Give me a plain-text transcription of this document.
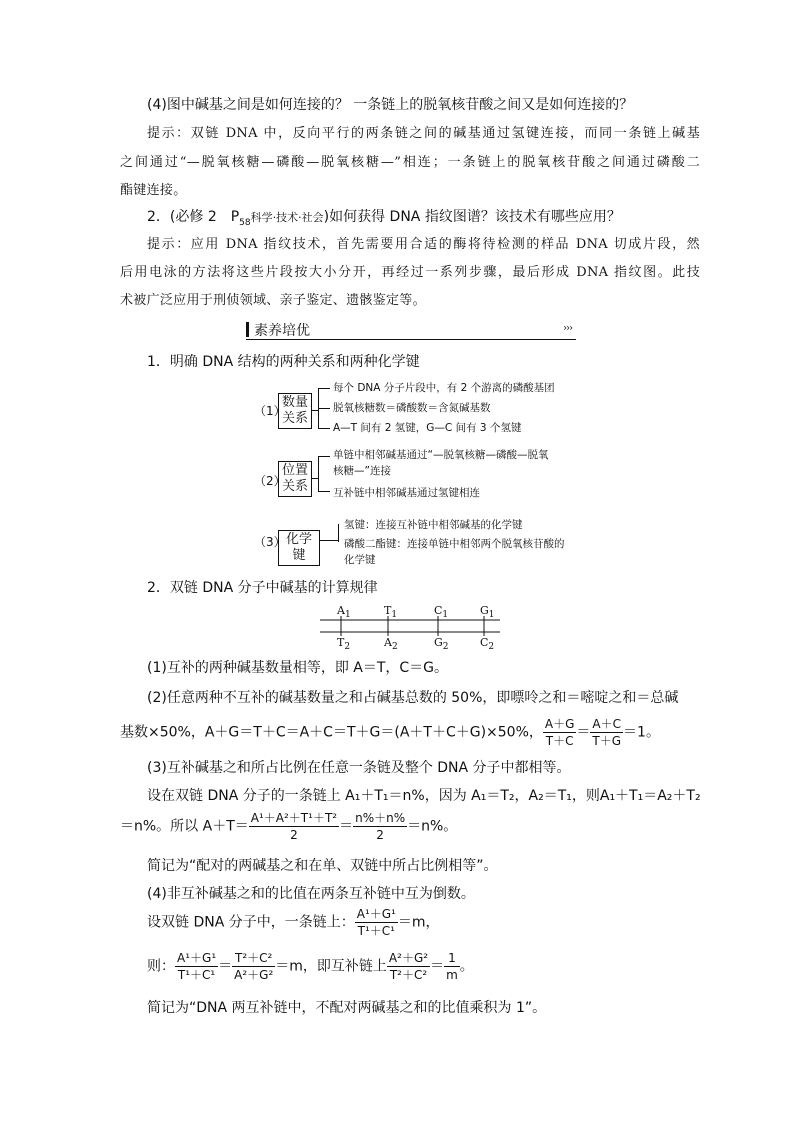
(4)图中碱基之间是如何连接的？ 一条链上的脱氧核苷酸之间又是如何连接的？
提示：双链 DNA 中，反向平行的两条链之间的碱基通过氢键连接，而同一条链上碱基
之间通过“—脱氧核糖—磷酸—脱氧核糖—”相连；一条链上的脱氧核苷酸之间通过磷酸二
酯键连接。
2．(必修 2　$P_{58}$科学·技术·社会)如何获得 DNA 指纹图谱？该技术有哪些应用？
提示：应用 DNA 指纹技术，首先需要用合适的酶将待检测的样品 DNA 切成片段，然
后用电泳的方法将这些片段按大小分开，再经过一系列步骤，最后形成 DNA 指纹图。此技
术被广泛应用于刑侦领域、亲子鉴定、遗骸鉴定等。
素养培优	›››
1．明确 DNA 结构的两种关系和两种化学键
（1）
数量
关系
每个 DNA 分子片段中，有 2 个游离的磷酸基团
脱氧核糖数＝磷酸数＝含氮碱基数
A—T 间有 2 氢键，G—C 间有 3 个氢键
（2）
位置
关系
单链中相邻碱基通过“—脱氧核糖—磷酸—脱氧
核糖—”连接
互补链中相邻碱基通过氢键相连
（3） 化学键
氢键：连接互补链中相邻碱基的化学键
磷酸二酯键：连接单链中相邻两个脱氧核苷酸的
化学键
2．双链 DNA 分子中碱基的计算规律
$A_1$	$T_1$	$C_1$	$G_1$
$T_2$	$A_2$	$G_2$	$C_2$
(1)互补的两种碱基数量相等，即 A＝T，C＝G。
(2)任意两种不互补的碱基数量之和占碱基总数的 50%，即嘌呤之和＝嘧啶之和＝总碱
基数×50%，A＋G＝T＋C＝A＋C＝T＋G＝(A＋T＋C＋G)×50%， $\frac{A+G}{T+C} = \frac{A+C}{T+G} =1$。
(3)互补碱基之和所占比例在任意一条链及整个 DNA 分子中都相等。
设在双链 DNA 分子的一条链上 A₁＋T₁＝n%，因为 A₁＝T₂，A₂＝T₁，则A₁＋T₁＝A₂＋T₂
＝n%。所以 $A+T= \frac{\text{A¹＋A²＋T¹＋T²}}{2} = \frac{n\%+n\%}{2} =n\%$。
简记为“配对的两碱基之和在单、双链中所占比例相等”。
(4)非互补碱基之和的比值在两条互补链中互为倒数。
设双链 DNA 分子中，一条链上： $\frac{\text{A¹＋G¹}}{\text{T¹＋C¹}} =m$，
则： $\frac{\text{A¹＋G¹}}{\text{T¹＋C¹}} = \frac{\text{T²＋C²}}{\text{A²＋G²}} =m$，即互补链上 $\frac{\text{A²＋G²}}{\text{T²＋C²}} = \frac{1}{m}$ 。
简记为“DNA 两互补链中，不配对两碱基之和的比值乘积为 1”。
